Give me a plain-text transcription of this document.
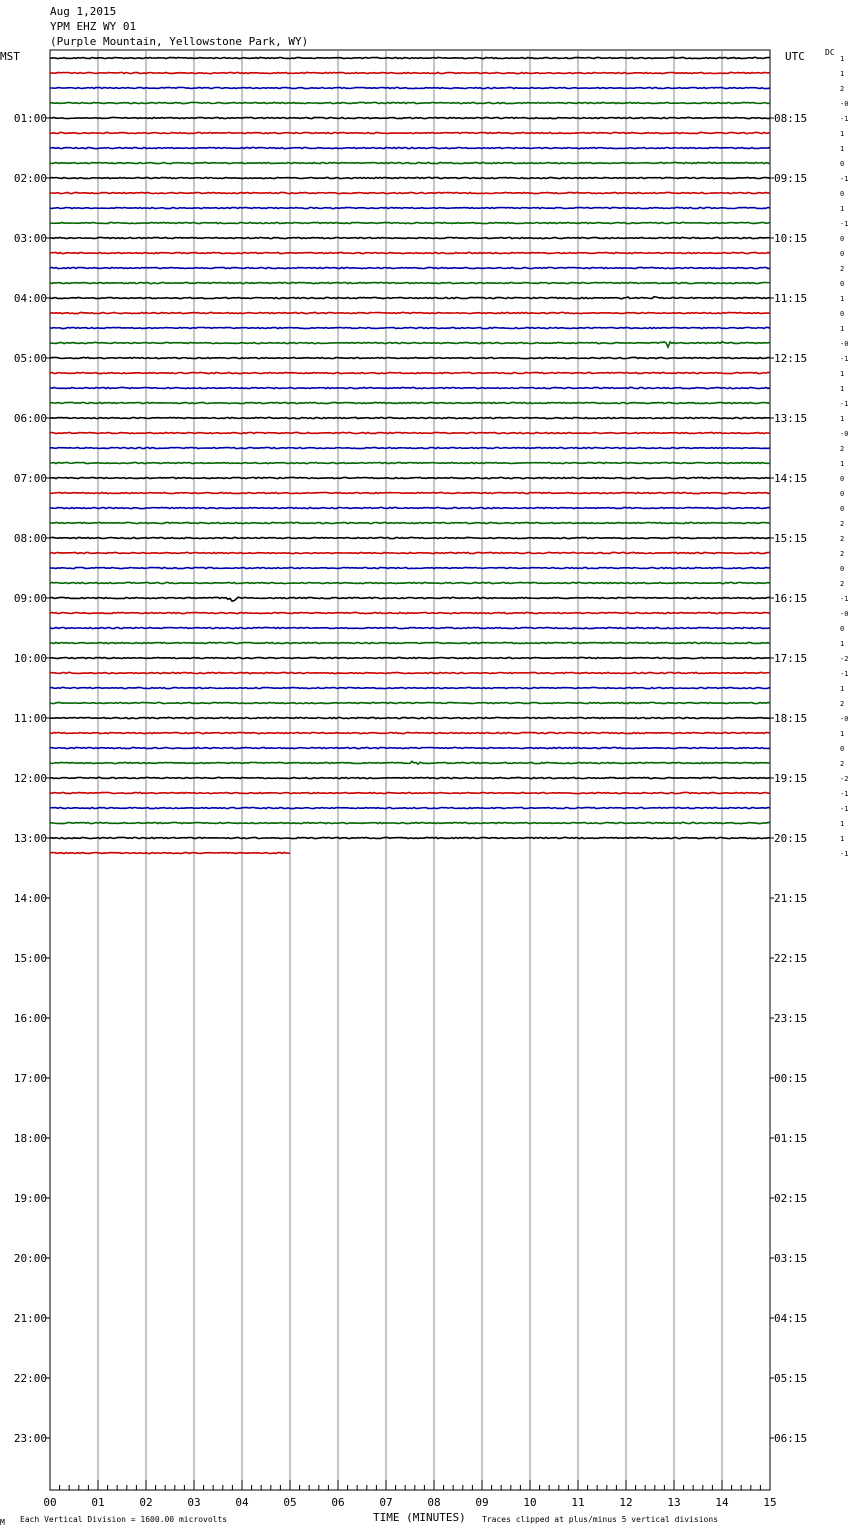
Aug 1,2015
YPM EHZ WY 01
(Purple Mountain, Yellowstone Park, WY)
MST	UTC	DC
00	01	02	03	04	05	06	07	08	09	10	11	12	13	14	15
01:00	08:15
02:00	09:15
03:00	10:15
04:00	11:15
05:00	12:15
06:00	13:15
07:00	14:15
08:00	15:15
09:00	16:15
10:00	17:15
11:00	18:15
12:00	19:15
13:00	20:15
14:00	21:15
15:00	22:15
16:00	23:15
17:00	00:15
18:00	01:15
19:00	02:15
20:00	03:15
21:00	04:15
22:00	05:15
23:00	06:15
1
1
2
-0
-1
1
1
0
-1
0
1
-1
0
0
2
0
1
0
1
-0
-1
1
1
-1
1
-0
2
1
0
0
0
2
2
2
0
2
-1
-0
0
1
-2
-1
1
2
-0
1
0
2
-2
-1
-1
1
1
-1
M Each Vertical Division = 1600.00 microvolts	TIME (MINUTES) Traces clipped at plus/minus 5 vertical divisions
